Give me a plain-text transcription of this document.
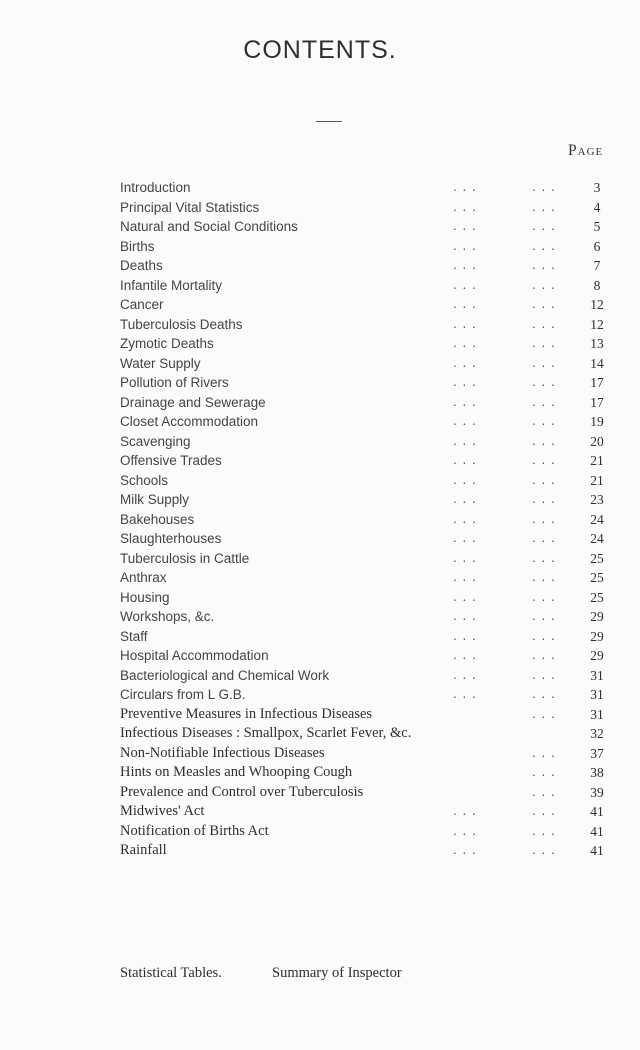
CONTENTS.
PAGE
Introduction	. . .	. . .	3
Principal Vital Statistics	. . .	. . .	4
Natural and Social Conditions	. . .	. . .	5
Births	. . .	. . .	6
Deaths	. . .	. . .	7
Infantile Mortality	. . .	. . .	8
Cancer	. . .	. . .	12
Tuberculosis Deaths	. . .	. . .	12
Zymotic Deaths	. . .	. . .	13
Water Supply	. . .	. . .	14
Pollution of Rivers	. . .	. . .	17
Drainage and Sewerage	. . .	. . .	17
Closet Accommodation	. . .	. . .	19
Scavenging	. . .	. . .	20
Offensive Trades	. . .	. . .	21
Schools	. . .	. . .	21
Milk Supply	. . .	. . .	23
Bakehouses	. . .	. . .	24
Slaughterhouses	. . .	. . .	24
Tuberculosis in Cattle	. . .	. . .	25
Anthrax	. . .	. . .	25
Housing	. . .	. . .	25
Workshops, &c.	. . .	. . .	29
Staff	. . .	. . .	29
Hospital Accommodation	. . .	. . .	29
Bacteriological and Chemical Work	. . .	. . .	31
Circulars from L G.B.	. . .	. . .	31
Preventive Measures in Infectious Diseases	. . .	31
Infectious Diseases : Smallpox, Scarlet Fever, &c.	32
Non-Notifiable Infectious Diseases	. . .	37
Hints on Measles and Whooping Cough	. . .	38
Prevalence and Control over Tuberculosis	. . .	39
Midwives' Act	. . .	. . .	41
Notification of Births Act	. . .	. . .	41
Rainfall	. . .	. . .	41
Statistical Tables.	Summary of Inspector
